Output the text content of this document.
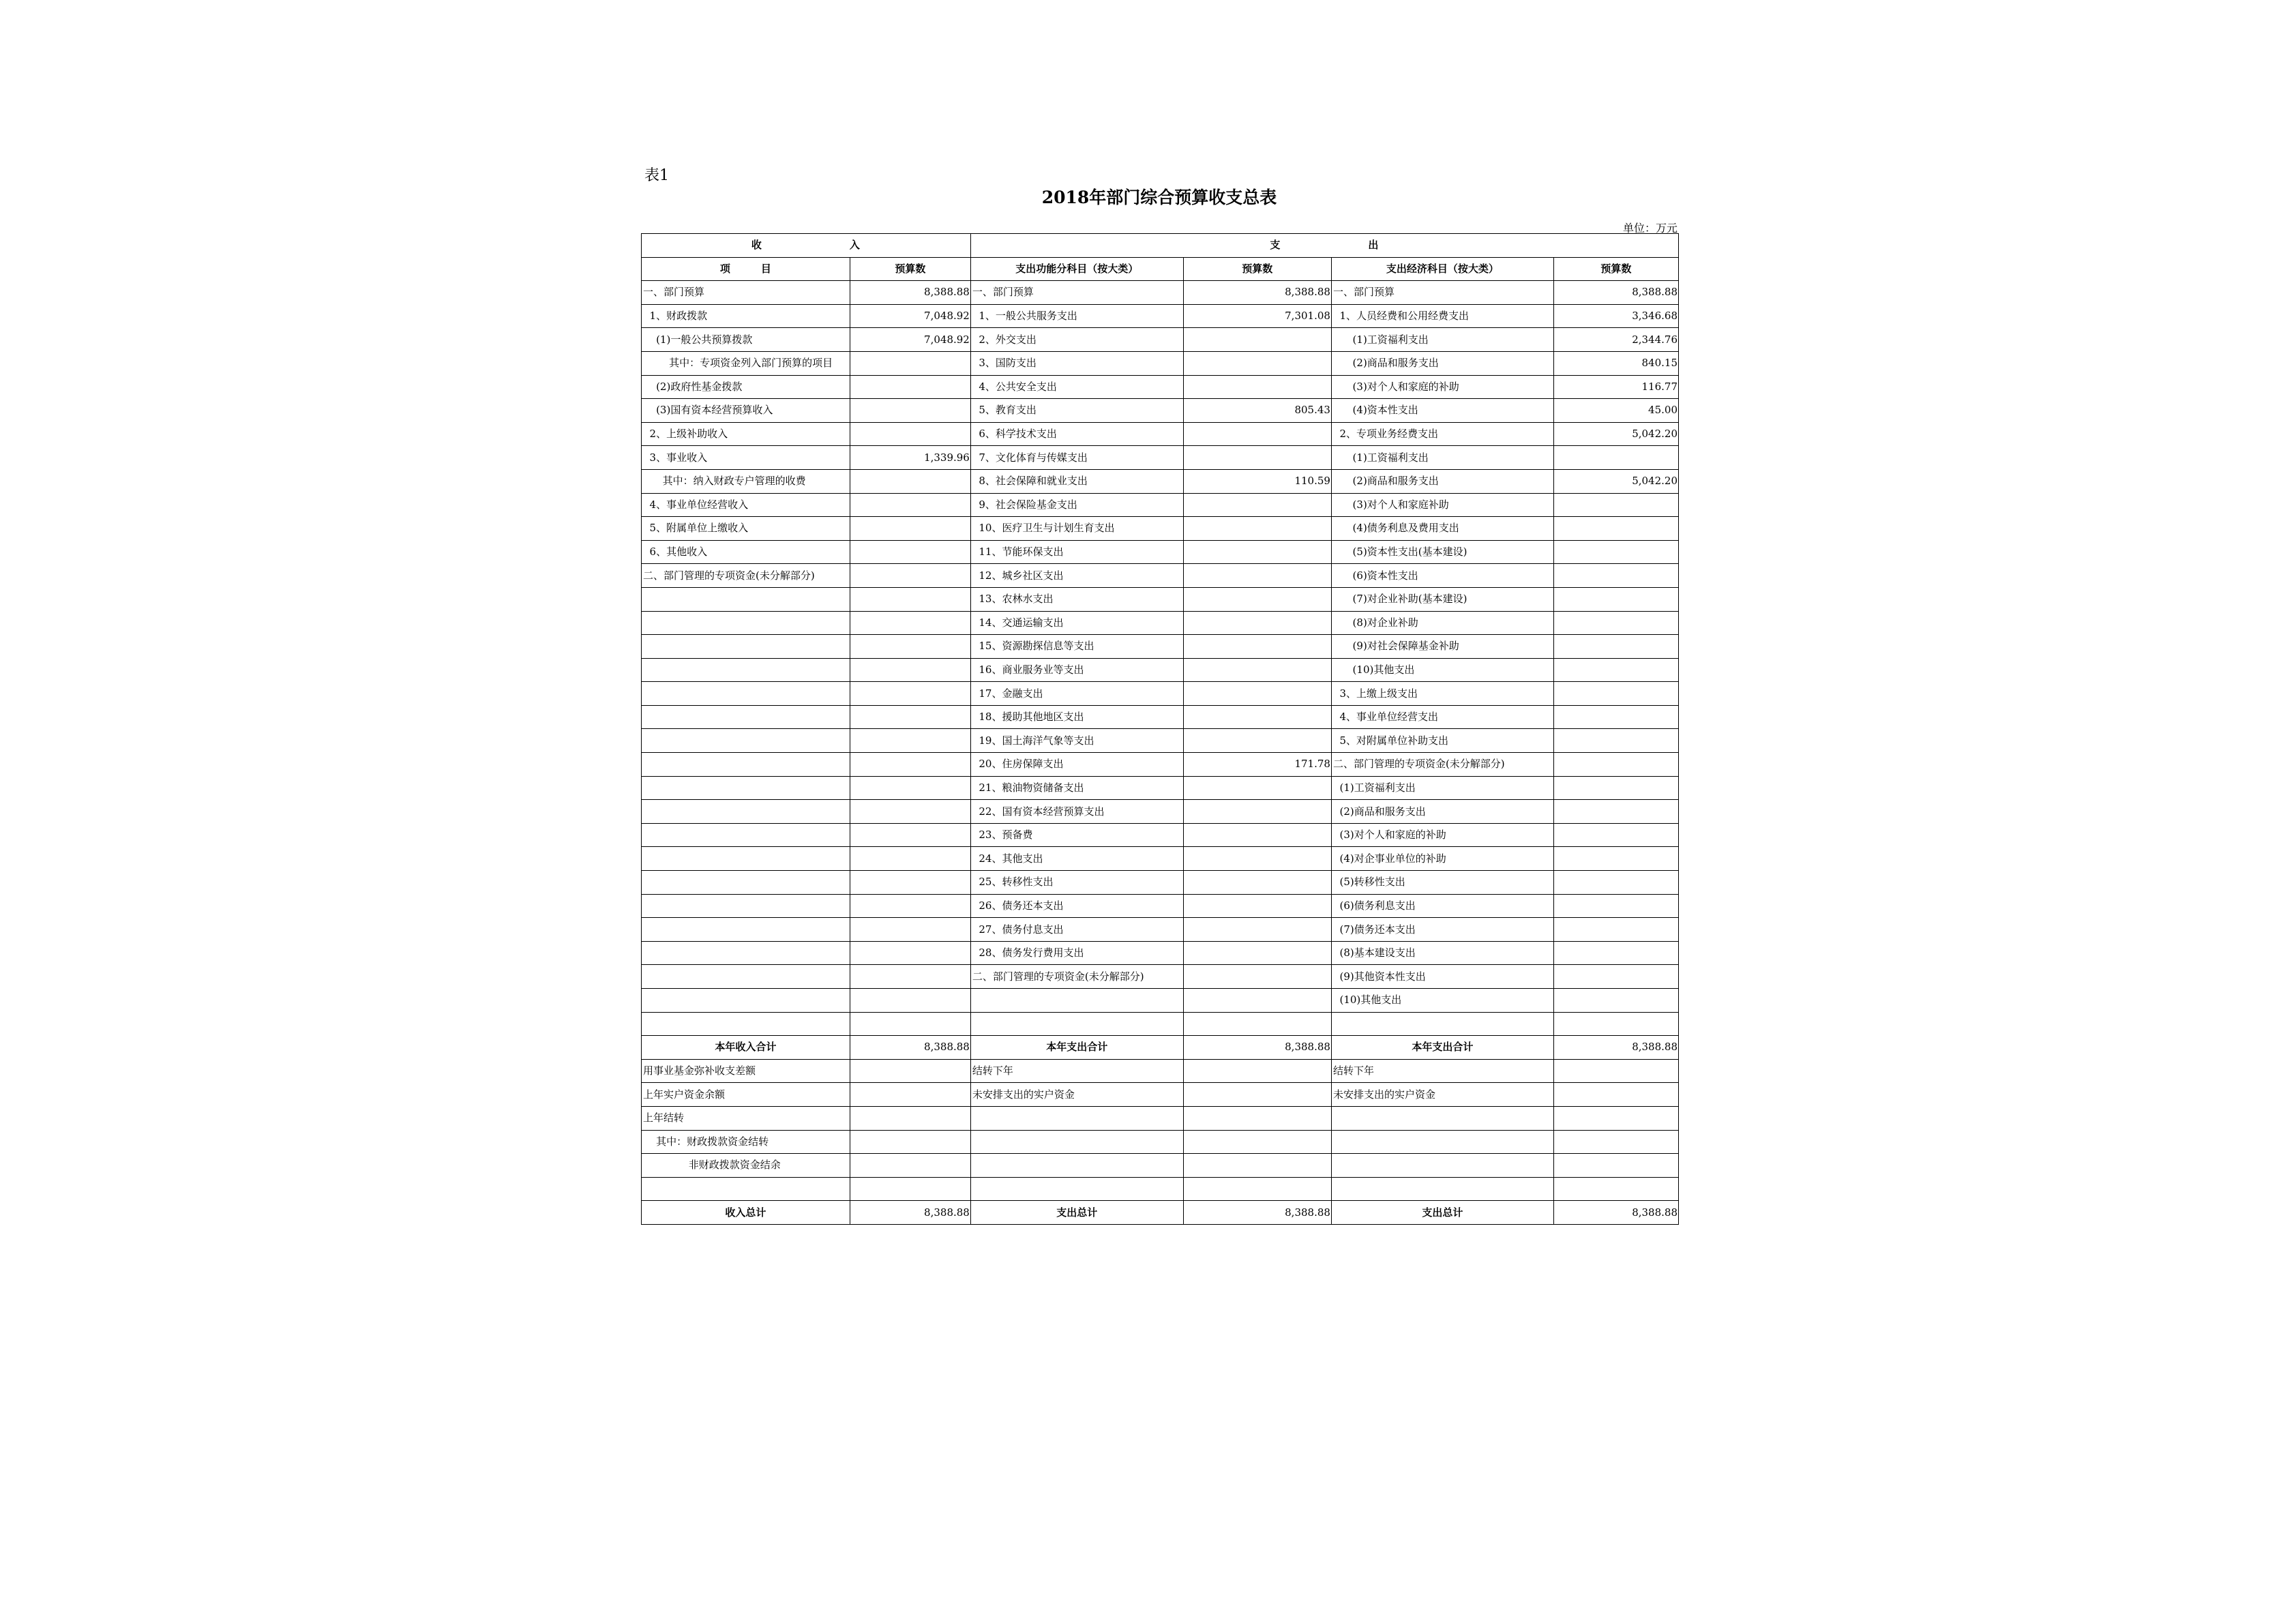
表1
2018年部门综合预算收支总表
单位：万元
收　　　　　　　　入		支　　　　　　　　出			
项　　　目	预算数	支出功能分科目（按大类）	预算数	支出经济科目（按大类）	预算数
一、部门预算	8,388.88	一、部门预算	8,388.88	一、部门预算	8,388.88
1、财政拨款	7,048.92	1、一般公共服务支出	7,301.08	1、人员经费和公用经费支出	3,346.68
(1)一般公共预算拨款	7,048.92	2、外交支出		(1)工资福利支出	2,344.76
其中：专项资金列入部门预算的项目		3、国防支出		(2)商品和服务支出	840.15
(2)政府性基金拨款		4、公共安全支出		(3)对个人和家庭的补助	116.77
(3)国有资本经营预算收入		5、教育支出	805.43	(4)资本性支出	45.00
2、上级补助收入		6、科学技术支出		2、专项业务经费支出	5,042.20
3、事业收入	1,339.96	7、文化体育与传媒支出		(1)工资福利支出	
其中：纳入财政专户管理的收费		8、社会保障和就业支出	110.59	(2)商品和服务支出	5,042.20
4、事业单位经营收入		9、社会保险基金支出		(3)对个人和家庭补助	
5、附属单位上缴收入		10、医疗卫生与计划生育支出		(4)债务利息及费用支出	
6、其他收入		11、节能环保支出		(5)资本性支出(基本建设)	
二、部门管理的专项资金(未分解部分)		12、城乡社区支出		(6)资本性支出	
		13、农林水支出		(7)对企业补助(基本建设)	
		14、交通运输支出		(8)对企业补助	
		15、资源勘探信息等支出		(9)对社会保障基金补助	
		16、商业服务业等支出		(10)其他支出	
		17、金融支出		3、上缴上级支出	
		18、援助其他地区支出		4、事业单位经营支出	
		19、国土海洋气象等支出		5、对附属单位补助支出	
		20、住房保障支出	171.78	二、部门管理的专项资金(未分解部分)	
		21、粮油物资储备支出		(1)工资福利支出	
		22、国有资本经营预算支出		(2)商品和服务支出	
		23、预备费		(3)对个人和家庭的补助	
		24、其他支出		(4)对企事业单位的补助	
		25、转移性支出		(5)转移性支出	
		26、债务还本支出		(6)债务利息支出	
		27、债务付息支出		(7)债务还本支出	
		28、债务发行费用支出		(8)基本建设支出	
		二、部门管理的专项资金(未分解部分)		(9)其他资本性支出	
				(10)其他支出	

本年收入合计	8,388.88	本年支出合计	8,388.88	本年支出合计	8,388.88
用事业基金弥补收支差额		结转下年		结转下年	
上年实户资金余额		未安排支出的实户资金		未安排支出的实户资金	
上年结转					
其中：财政拨款资金结转					
非财政拨款资金结余					

收入总计	8,388.88	支出总计	8,388.88	支出总计	8,388.88
